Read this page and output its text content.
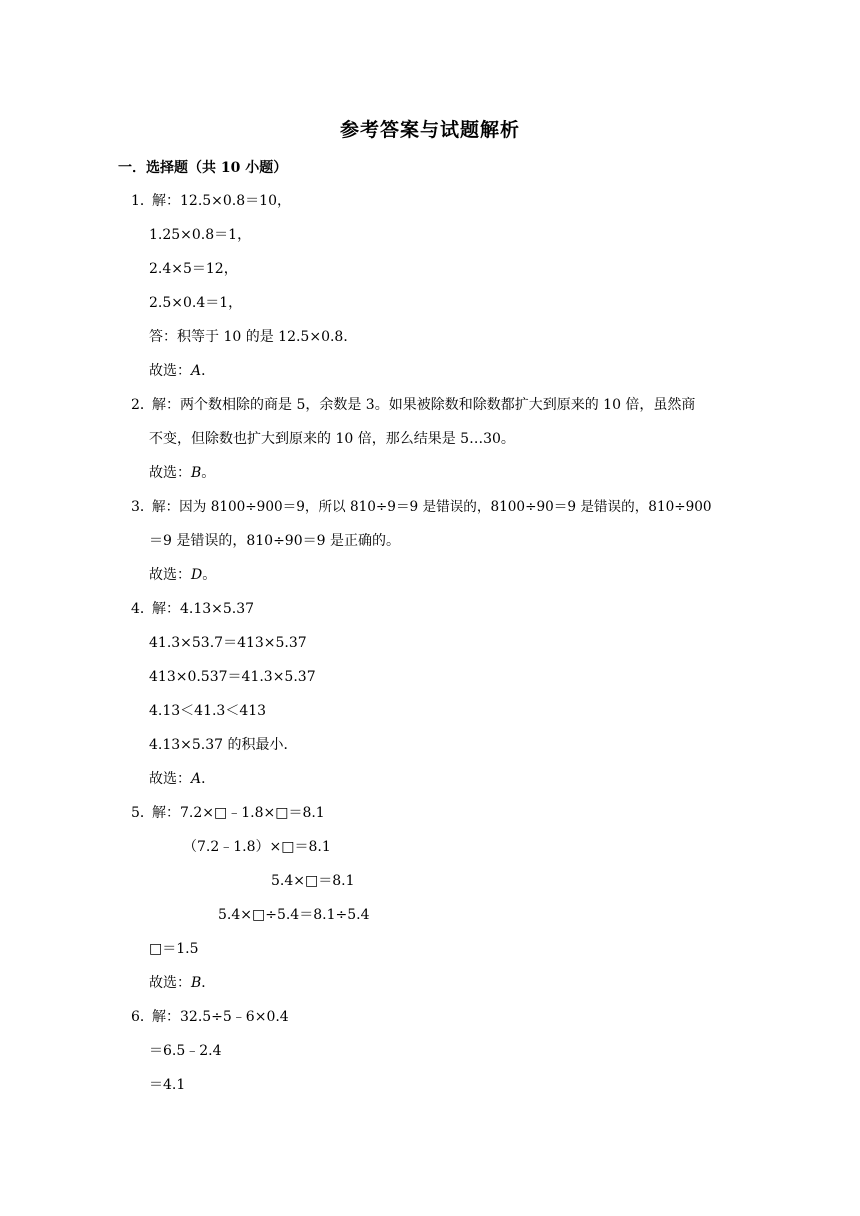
参考答案与试题解析
一．选择题（共 10 小题）
1．
解：12.5×0.8＝10，
1.25×0.8＝1，
2.4×5＝12，
2.5×0.4＝1，
答：积等于 10 的是 12.5×0.8．
故选：A．
2．
解：两个数相除的商是 5，余数是 3。如果被除数和除数都扩大到原来的 10 倍，虽然商
不变，但除数也扩大到原来的 10 倍，那么结果是 5…30。
故选：B。
3．
解：因为 8100÷900＝9，所以 810÷9＝9 是错误的，8100÷90＝9 是错误的，810÷900
＝9 是错误的，810÷90＝9 是正确的。
故选：D。
4．
解：4.13×5.37
41.3×53.7＝413×5.37
413×0.537＝41.3×5.37
4.13＜41.3＜413
4.13×5.37 的积最小．
故选：A．
5．
解：7.2×□﹣1.8×□＝8.1
（7.2﹣1.8）×□＝8.1
5.4×□＝8.1
5.4×□÷5.4＝8.1÷5.4
□＝1.5
故选：B．
6．
解：32.5÷5﹣6×0.4
＝6.5﹣2.4
＝4.1
